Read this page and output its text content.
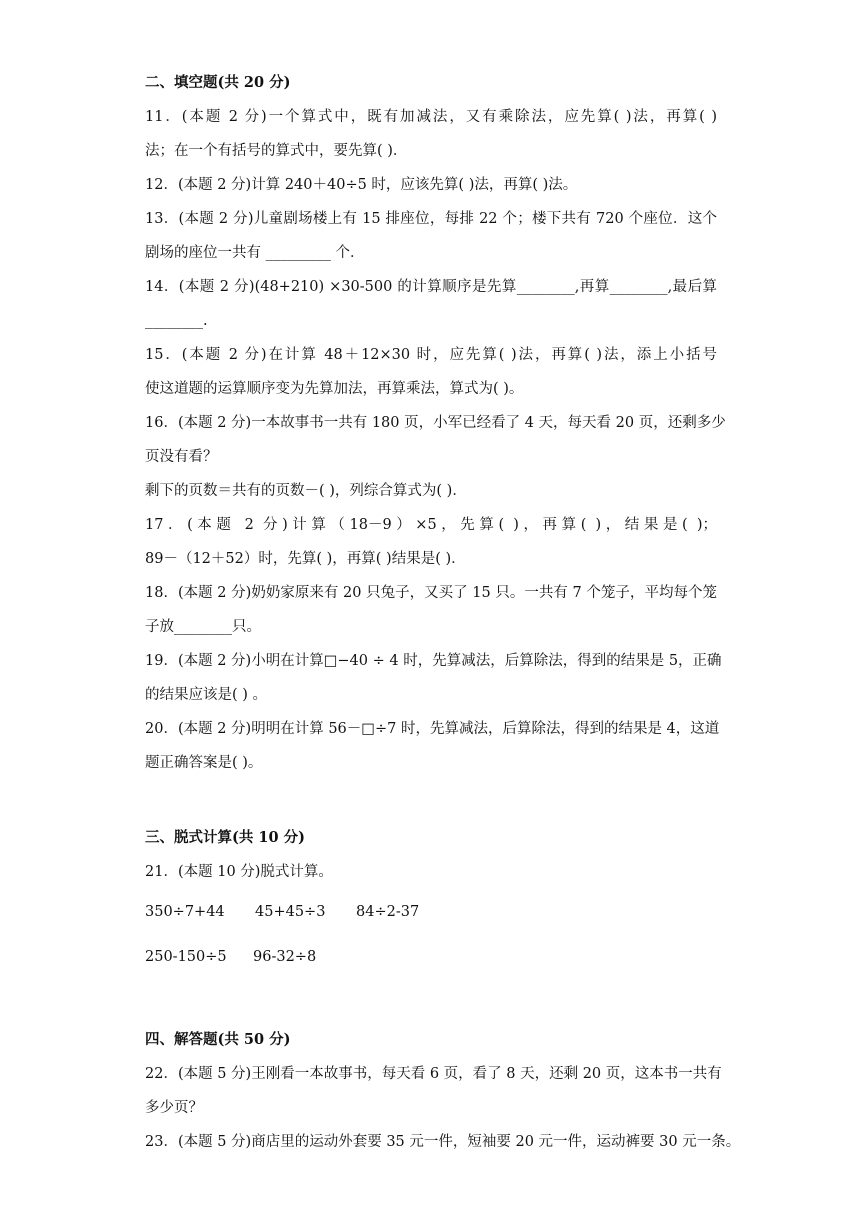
二、填空题(共 20 分)
11．(本题 2 分)一个算式中，既有加减法，又有乘除法，应先算( )法，再算( )
法；在一个有括号的算式中，要先算( )．
12．(本题 2 分)计算 240＋40÷5 时，应该先算( )法，再算( )法。
13．(本题 2 分)儿童剧场楼上有 15 排座位，每排 22 个；楼下共有 720 个座位．这个
剧场的座位一共有 _________ 个．
14．(本题 2 分)(48+210) ×30-500 的计算顺序是先算________,再算________,最后算
________.
15．(本题 2 分)在计算 48＋12×30 时，应先算( )法，再算( )法，添上小括号
使这道题的运算顺序变为先算加法，再算乘法，算式为( )。
16．(本题 2 分)一本故事书一共有 180 页，小军已经看了 4 天，每天看 20 页，还剩多少
页没有看？
剩下的页数＝共有的页数－( )，列综合算式为( )．
17．(本题 2 分)计算（18－9）×5，先算( )，再算( )，结果是( )；
89－（12＋52）时，先算( )，再算( )结果是( )．
18．(本题 2 分)奶奶家原来有 20 只兔子，又买了 15 只。一共有 7 个笼子，平均每个笼
子放________只。
19．(本题 2 分)小明在计算□−40 ÷ 4 时，先算减法，后算除法，得到的结果是 5，正确
的结果应该是( ) 。
20．(本题 2 分)明明在计算 56－□÷7 时，先算减法，后算除法，得到的结果是 4，这道
题正确答案是( )。
三、脱式计算(共 10 分)
21．(本题 10 分)脱式计算。
350÷7+44 45+45÷3 84÷2-37
250-150÷5 96-32÷8
四、解答题(共 50 分)
22．(本题 5 分)王刚看一本故事书，每天看 6 页，看了 8 天，还剩 20 页，这本书一共有
多少页？
23．(本题 5 分)商店里的运动外套要 35 元一件，短袖要 20 元一件，运动裤要 30 元一条。
